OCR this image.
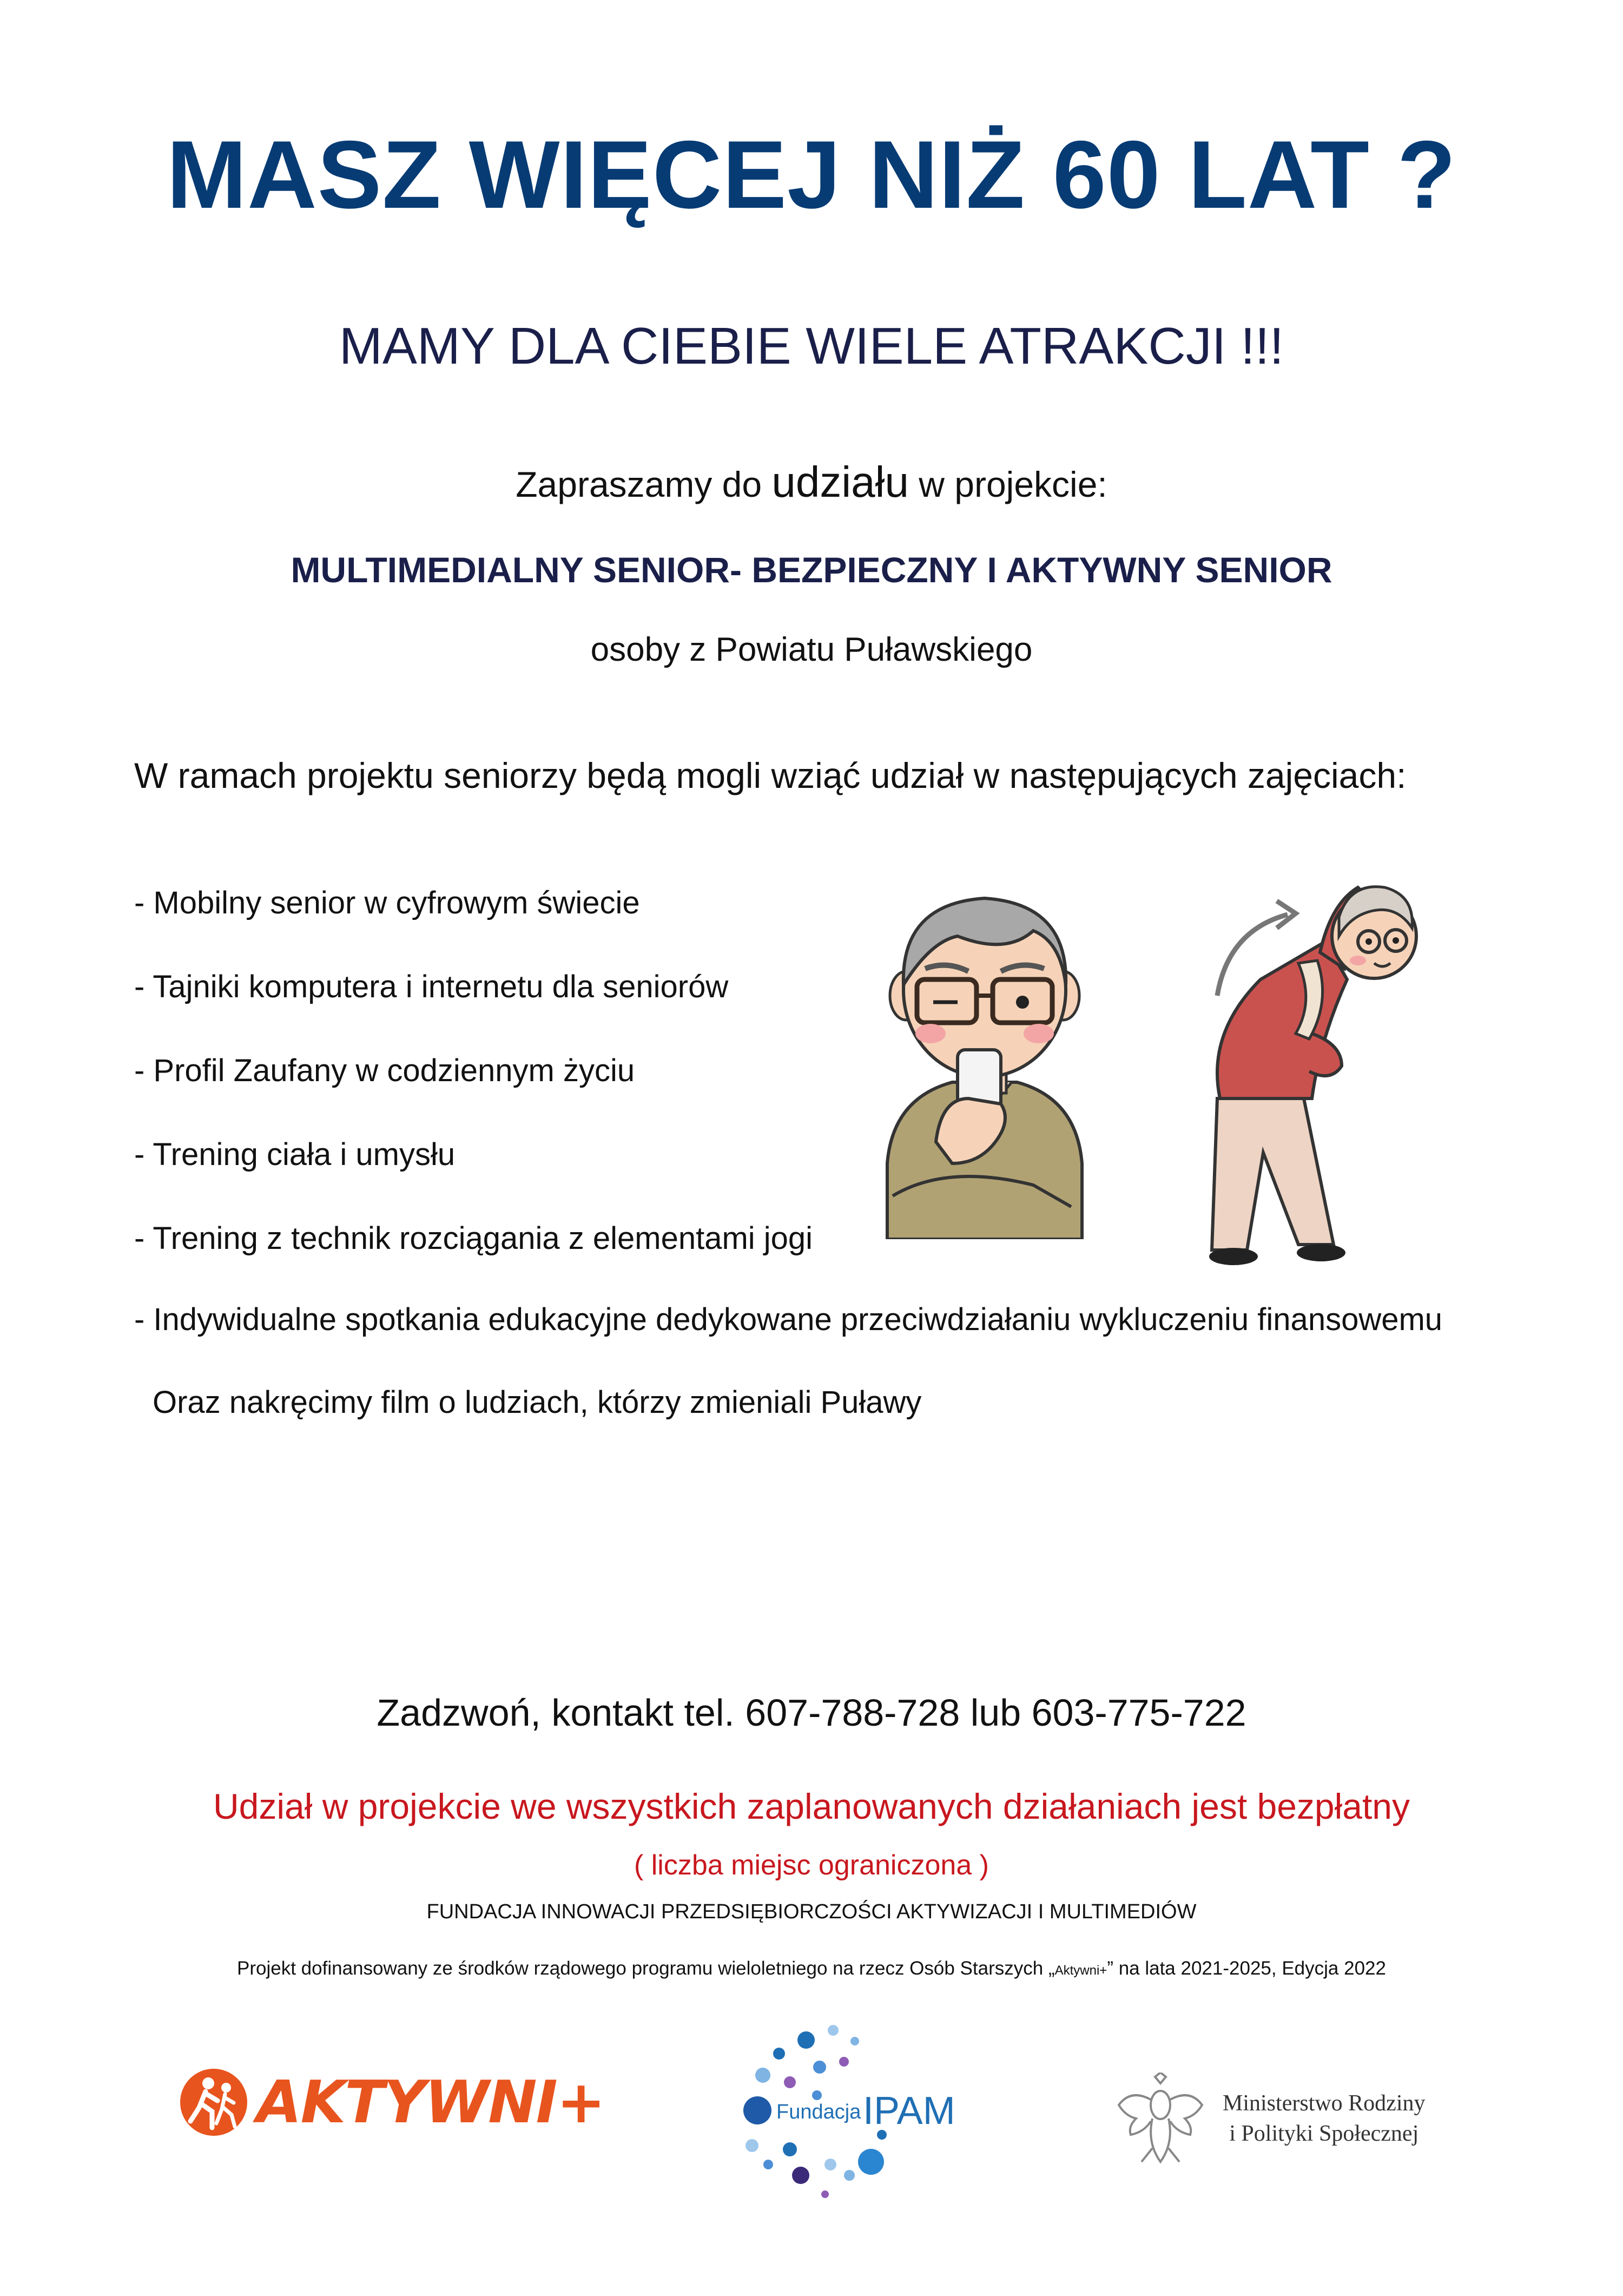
MASZ WIĘCEJ NIŻ 60 LAT ?
MAMY DLA CIEBIE WIELE ATRAKCJI !!!
Zapraszamy do udziału w projekcie:
MULTIMEDIALNY SENIOR- BEZPIECZNY I AKTYWNY SENIOR
osoby z Powiatu Puławskiego
W ramach projektu seniorzy będą mogli wziąć udział w następujących zajęciach:
- Mobilny senior w cyfrowym świecie
- Tajniki komputera i internetu dla seniorów
- Profil Zaufany w codziennym życiu
- Trening ciała i umysłu
- Trening z technik rozciągania z elementami jogi
- Indywidualne spotkania edukacyjne dedykowane przeciwdziałaniu wykluczeniu finansowemu
Oraz nakręcimy film o ludziach, którzy zmieniali Puławy
Zadzwoń, kontakt tel. 607-788-728 lub 603-775-722
Udział w projekcie we wszystkich zaplanowanych działaniach jest bezpłatny
( liczba miejsc ograniczona )
FUNDACJA INNOWACJI PRZEDSIĘBIORCZOŚCI AKTYWIZACJI I MULTIMEDIÓW
Projekt dofinansowany ze środków rządowego programu wieloletniego na rzecz Osób Starszych „Aktywni+” na lata 2021-2025, Edycja 2022
AKTYWNI+	Fundacja IPAM	Ministerstwo Rodziny
i Polityki Społecznej
